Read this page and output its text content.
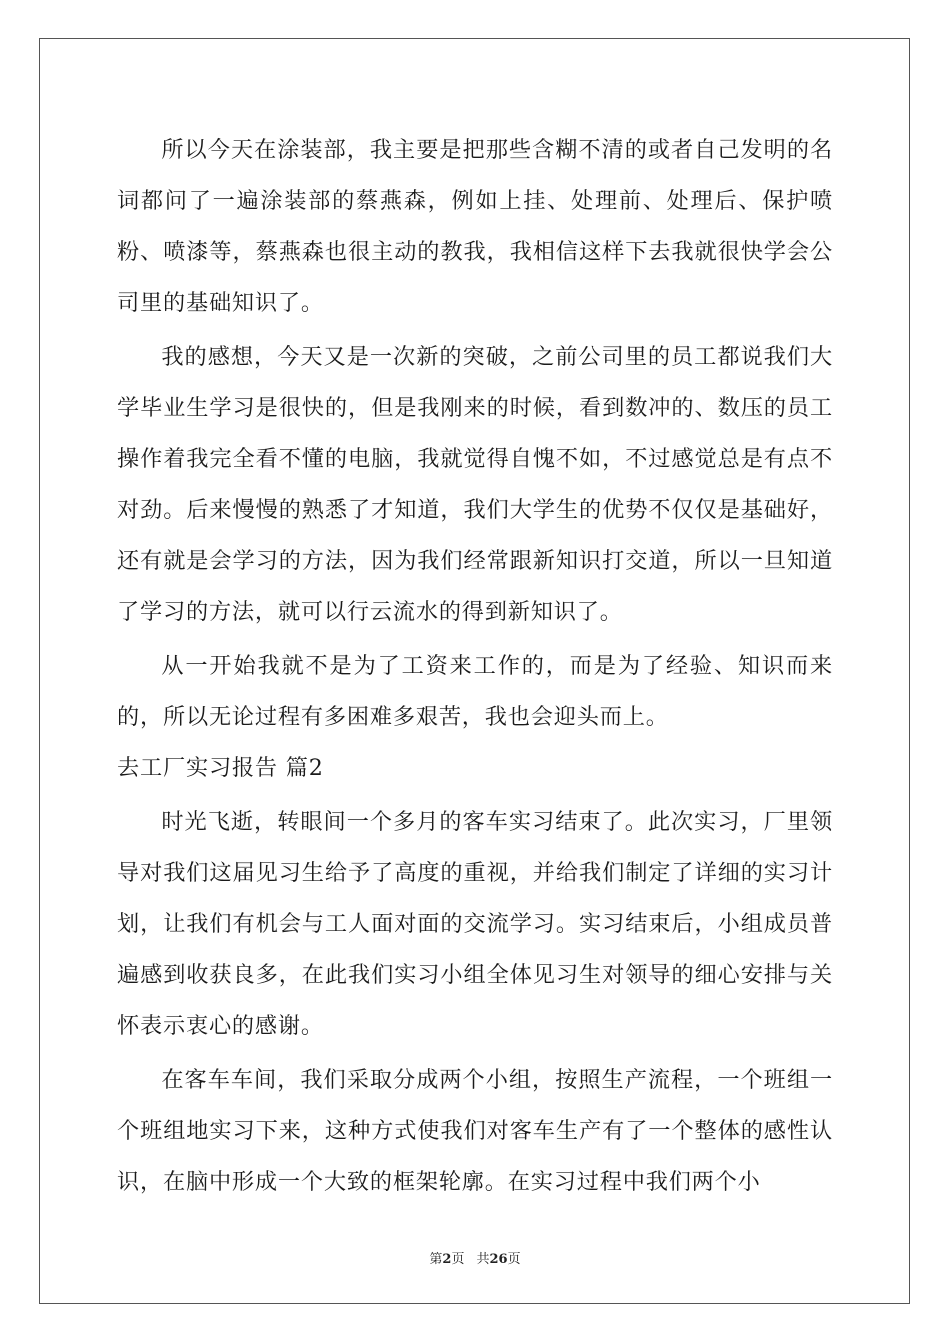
所以今天在涂装部，我主要是把那些含糊不清的或者自己发明的名词都问了一遍涂装部的蔡燕森，例如上挂、处理前、处理后、保护喷粉、喷漆等，蔡燕森也很主动的教我，我相信这样下去我就很快学会公司里的基础知识了。

我的感想，今天又是一次新的突破，之前公司里的员工都说我们大学毕业生学习是很快的，但是我刚来的时候，看到数冲的、数压的员工操作着我完全看不懂的电脑，我就觉得自愧不如，不过感觉总是有点不对劲。后来慢慢的熟悉了才知道，我们大学生的优势不仅仅是基础好，还有就是会学习的方法，因为我们经常跟新知识打交道，所以一旦知道了学习的方法，就可以行云流水的得到新知识了。

从一开始我就不是为了工资来工作的，而是为了经验、知识而来的，所以无论过程有多困难多艰苦，我也会迎头而上。

去工厂实习报告 篇2

时光飞逝，转眼间一个多月的客车实习结束了。此次实习，厂里领导对我们这届见习生给予了高度的重视，并给我们制定了详细的实习计划，让我们有机会与工人面对面的交流学习。实习结束后，小组成员普遍感到收获良多，在此我们实习小组全体见习生对领导的细心安排与关怀表示衷心的感谢。

在客车车间，我们采取分成两个小组，按照生产流程，一个班组一个班组地实习下来，这种方式使我们对客车生产有了一个整体的感性认识，在脑中形成一个大致的框架轮廓。在实习过程中我们两个小

第2页 共26页
